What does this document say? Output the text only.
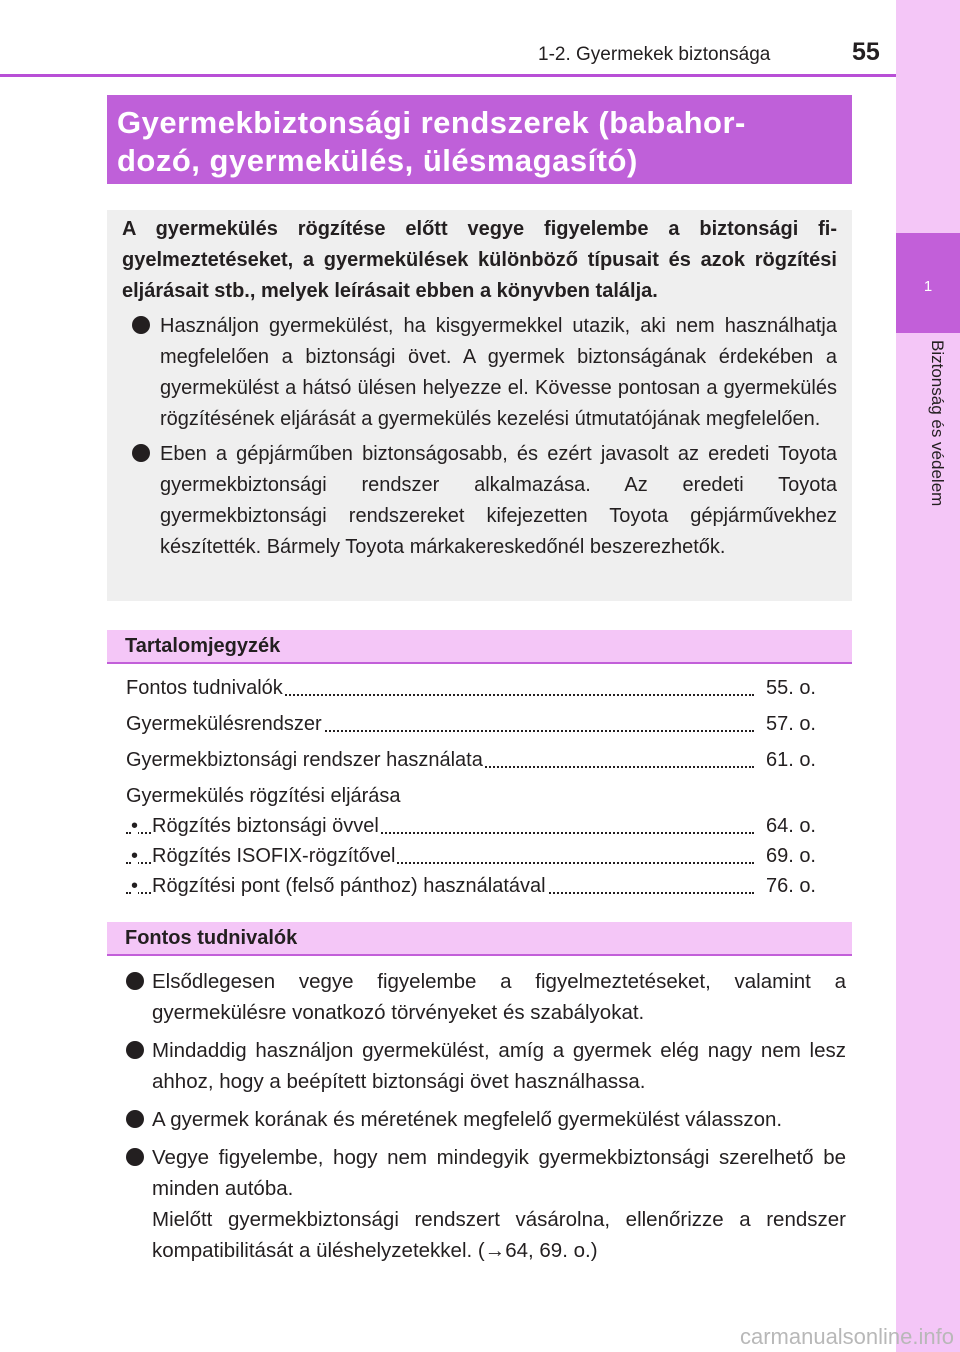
1
Biztonság és védelem
1-2. Gyermekek biztonsága	55
Gyermekbiztonsági rendszerek (babahor-
dozó, gyermekülés, ülésmagasító)

A gyermekülés rögzítése előtt vegye figyelembe a biztonsági figyelmeztetéseket, a gyermekülések különböző típusait és azok rögzítési eljárásait stb., melyek leírásait ebben a könyvben találja.

Használjon gyermekülést, ha kisgyermekkel utazik, aki nem használhatja megfelelően a biztonsági övet. A gyermek biztonságának érdekében a gyermekülést a hátsó ülésen helyezze el. Kövesse pontosan a gyermekülés rögzítésének eljárását a gyermekülés kezelési útmutatójának megfelelően.
Eben a gépjárműben biztonságosabb, és ezért javasolt az eredeti Toyota gyermekbiztonsági rendszer alkalmazása. Az eredeti Toyota gyermekbiztonsági rendszereket kifejezetten Toyota gépjárművekhez készítették. Bármely Toyota márkakereskedőnél beszerezhetők.
Tartalomjegyzék
Fontos tudnivalók	55. o.
Gyermekülésrendszer	57. o.
Gyermekbiztonsági rendszer használata	61. o.
Gyermekülés rögzítési eljárása
• Rögzítés biztonsági övvel	64. o.
• Rögzítés ISOFIX-rögzítővel	69. o.
• Rögzítési pont (felső pánthoz) használatával	76. o.
Fontos tudnivalók
Elsődlegesen vegye figyelembe a figyelmeztetéseket, valamint a gyermekülésre vonatkozó törvényeket és szabályokat.
Mindaddig használjon gyermekülést, amíg a gyermek elég nagy nem lesz ahhoz, hogy a beépített biztonsági övet használhassa.
A gyermek korának és méretének megfelelő gyermekülést válasszon.
Vegye figyelembe, hogy nem mindegyik gyermekbiztonsági szerelhető be minden autóba.
Mielőtt gyermekbiztonsági rendszert vásárolna, ellenőrizze a rendszer kompatibilitását a üléshelyzetekkel. (→64, 69. o.)
carmanualsonline.info
